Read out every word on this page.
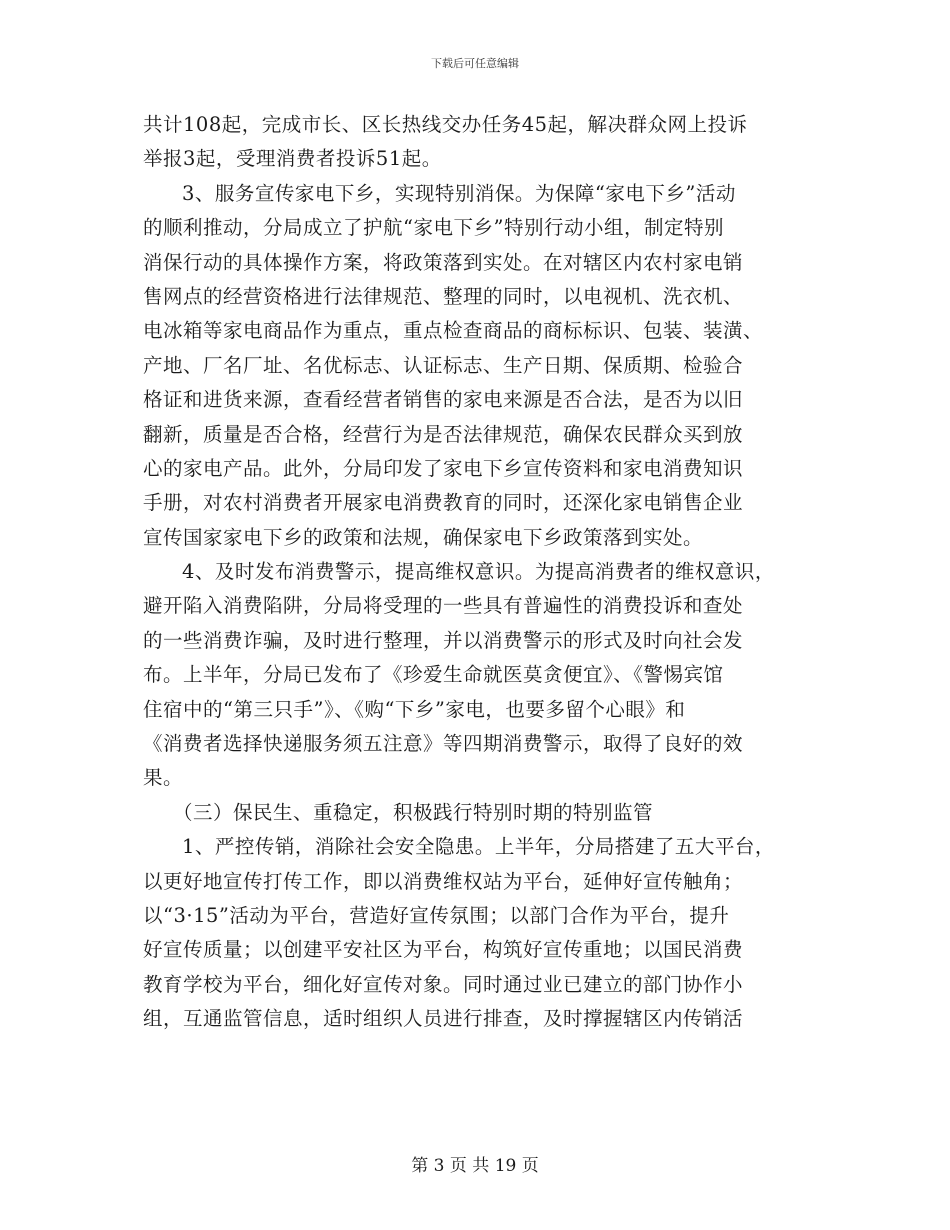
下载后可任意编辑
共计108起，完成市长、区长热线交办任务45起，解决群众网上投诉
举报3起，受理消费者投诉51起。
3、服务宣传家电下乡，实现特别消保。为保障“家电下乡”活动
的顺利推动，分局成立了护航“家电下乡”特别行动小组，制定特别
消保行动的具体操作方案，将政策落到实处。在对辖区内农村家电销
售网点的经营资格进行法律规范、整理的同时，以电视机、洗衣机、
电冰箱等家电商品作为重点，重点检查商品的商标标识、包装、装潢、
产地、厂名厂址、名优标志、认证标志、生产日期、保质期、检验合
格证和进货来源，查看经营者销售的家电来源是否合法，是否为以旧
翻新，质量是否合格，经营行为是否法律规范，确保农民群众买到放
心的家电产品。此外，分局印发了家电下乡宣传资料和家电消费知识
手册，对农村消费者开展家电消费教育的同时，还深化家电销售企业
宣传国家家电下乡的政策和法规，确保家电下乡政策落到实处。
4、及时发布消费警示，提高维权意识。为提高消费者的维权意识，
避开陷入消费陷阱，分局将受理的一些具有普遍性的消费投诉和查处
的一些消费诈骗，及时进行整理，并以消费警示的形式及时向社会发
布。上半年，分局已发布了《珍爱生命就医莫贪便宜》、《警惕宾馆
住宿中的“第三只手”》、《购“下乡”家电，也要多留个心眼》和
《消费者选择快递服务须五注意》等四期消费警示，取得了良好的效
果。
（三）保民生、重稳定，积极践行特别时期的特别监管
1、严控传销，消除社会安全隐患。上半年，分局搭建了五大平台，
以更好地宣传打传工作，即以消费维权站为平台，延伸好宣传触角；
以“3·15”活动为平台，营造好宣传氛围；以部门合作为平台，提升
好宣传质量；以创建平安社区为平台，构筑好宣传重地；以国民消费
教育学校为平台，细化好宣传对象。同时通过业已建立的部门协作小
组，互通监管信息，适时组织人员进行排查，及时撑握辖区内传销活
第 3 页 共 19 页
